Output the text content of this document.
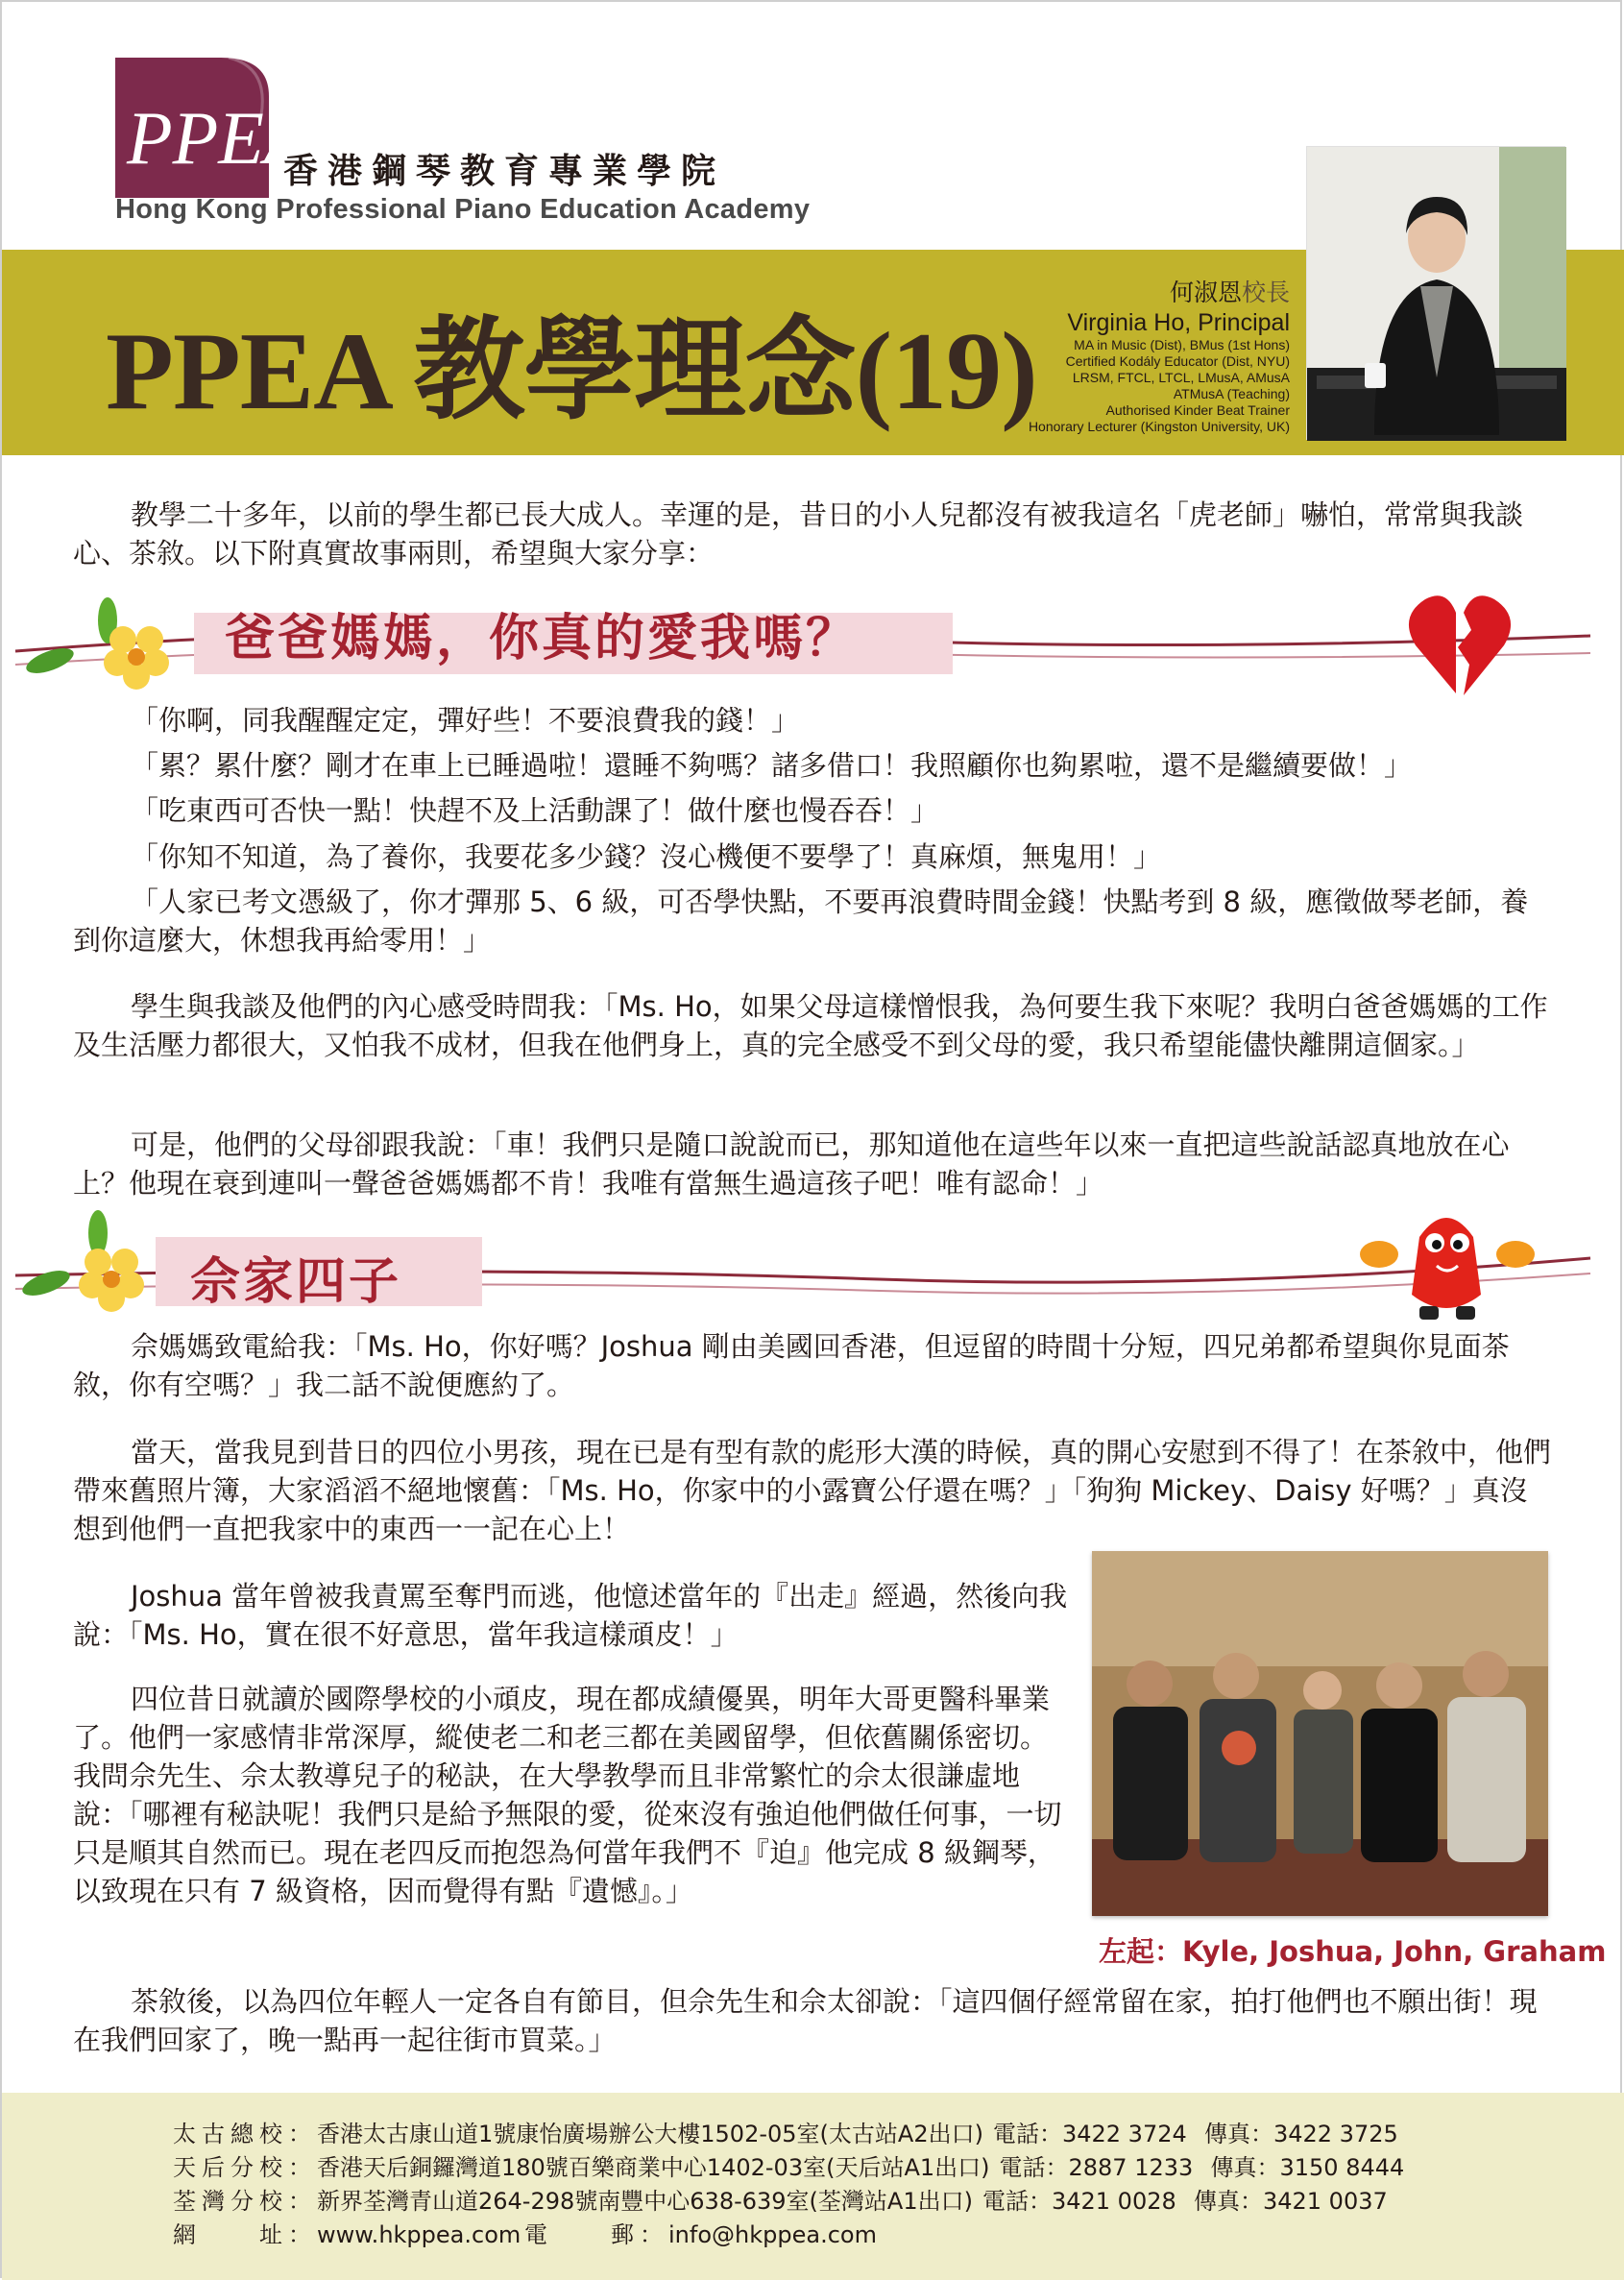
PPEA
香港鋼琴教育專業學院
Hong Kong Professional Piano Education Academy
PPEA 教學理念(19)
何淑恩校長
Virginia Ho, Principal
MA in Music (Dist), BMus (1st Hons)
Certified Kodály Educator (Dist, NYU)
LRSM, FTCL, LTCL, LMusA, AMusA
ATMusA (Teaching)
Authorised Kinder Beat Trainer
Honorary Lecturer (Kingston University, UK)
教學二十多年，以前的學生都已長大成人。幸運的是，昔日的小人兒都沒有被我這名「虎老師」嚇怕，常常與我談心、茶敘。以下附真實故事兩則，希望與大家分享：
爸爸媽媽，你真的愛我嗎？
「你啊，同我醒醒定定，彈好些！不要浪費我的錢！」
「累？累什麼？剛才在車上已睡過啦！還睡不夠嗎？諸多借口！我照顧你也夠累啦，還不是繼續要做！」
「吃東西可否快一點！快趕不及上活動課了！做什麼也慢吞吞！」
「你知不知道，為了養你，我要花多少錢？沒心機便不要學了！真麻煩，無鬼用！」
「人家已考文憑級了，你才彈那 5、6 級，可否學快點，不要再浪費時間金錢！快點考到 8 級，應徵做琴老師，養到你這麼大，休想我再給零用！」
學生與我談及他們的內心感受時問我：「Ms. Ho，如果父母這樣憎恨我，為何要生我下來呢？我明白爸爸媽媽的工作及生活壓力都很大，又怕我不成材，但我在他們身上，真的完全感受不到父母的愛，我只希望能儘快離開這個家。」
可是，他們的父母卻跟我說：「車！我們只是隨口說說而已，那知道他在這些年以來一直把這些說話認真地放在心上？他現在衰到連叫一聲爸爸媽媽都不肯！我唯有當無生過這孩子吧！唯有認命！」
佘家四子
佘媽媽致電給我：「Ms. Ho，你好嗎？Joshua 剛由美國回香港，但逗留的時間十分短，四兄弟都希望與你見面茶敘，你有空嗎？」我二話不說便應約了。
當天，當我見到昔日的四位小男孩，現在已是有型有款的彪形大漢的時候，真的開心安慰到不得了！在茶敘中，他們帶來舊照片簿，大家滔滔不絕地懷舊：「Ms. Ho，你家中的小露寶公仔還在嗎？」「狗狗 Mickey、Daisy 好嗎？」真沒想到他們一直把我家中的東西一一記在心上！
Joshua 當年曾被我責罵至奪門而逃，他憶述當年的『出走』經過，然後向我說：「Ms. Ho，實在很不好意思，當年我這樣頑皮！」
四位昔日就讀於國際學校的小頑皮，現在都成績優異，明年大哥更醫科畢業了。他們一家感情非常深厚，縱使老二和老三都在美國留學，但依舊關係密切。我問佘先生、佘太教導兒子的秘訣，在大學教學而且非常繁忙的佘太很謙虛地說：「哪裡有秘訣呢！我們只是給予無限的愛，從來沒有強迫他們做任何事，一切只是順其自然而已。現在老四反而抱怨為何當年我們不『迫』他完成 8 級鋼琴，以致現在只有 7 級資格，因而覺得有點『遺憾』。」
左起：Kyle, Joshua, John, Graham
茶敘後，以為四位年輕人一定各自有節目，但佘先生和佘太卻說：「這四個仔經常留在家，拍打他們也不願出街！現在我們回家了，晚一點再一起往街市買菜。」
太古總校：香港太古康山道1號康怡廣場辦公大樓1502-05室(太古站A2出口) 電話：3422 3724 傳真：3422 3725
天后分校：香港天后銅鑼灣道180號百樂商業中心1402-03室(天后站A1出口) 電話：2887 1233 傳真：3150 8444
荃灣分校：新界荃灣青山道264-298號南豐中心638-639室(荃灣站A1出口) 電話：3421 0028 傳真：3421 0037
網　　址：www.hkppea.com 電　　郵：info@hkppea.com
